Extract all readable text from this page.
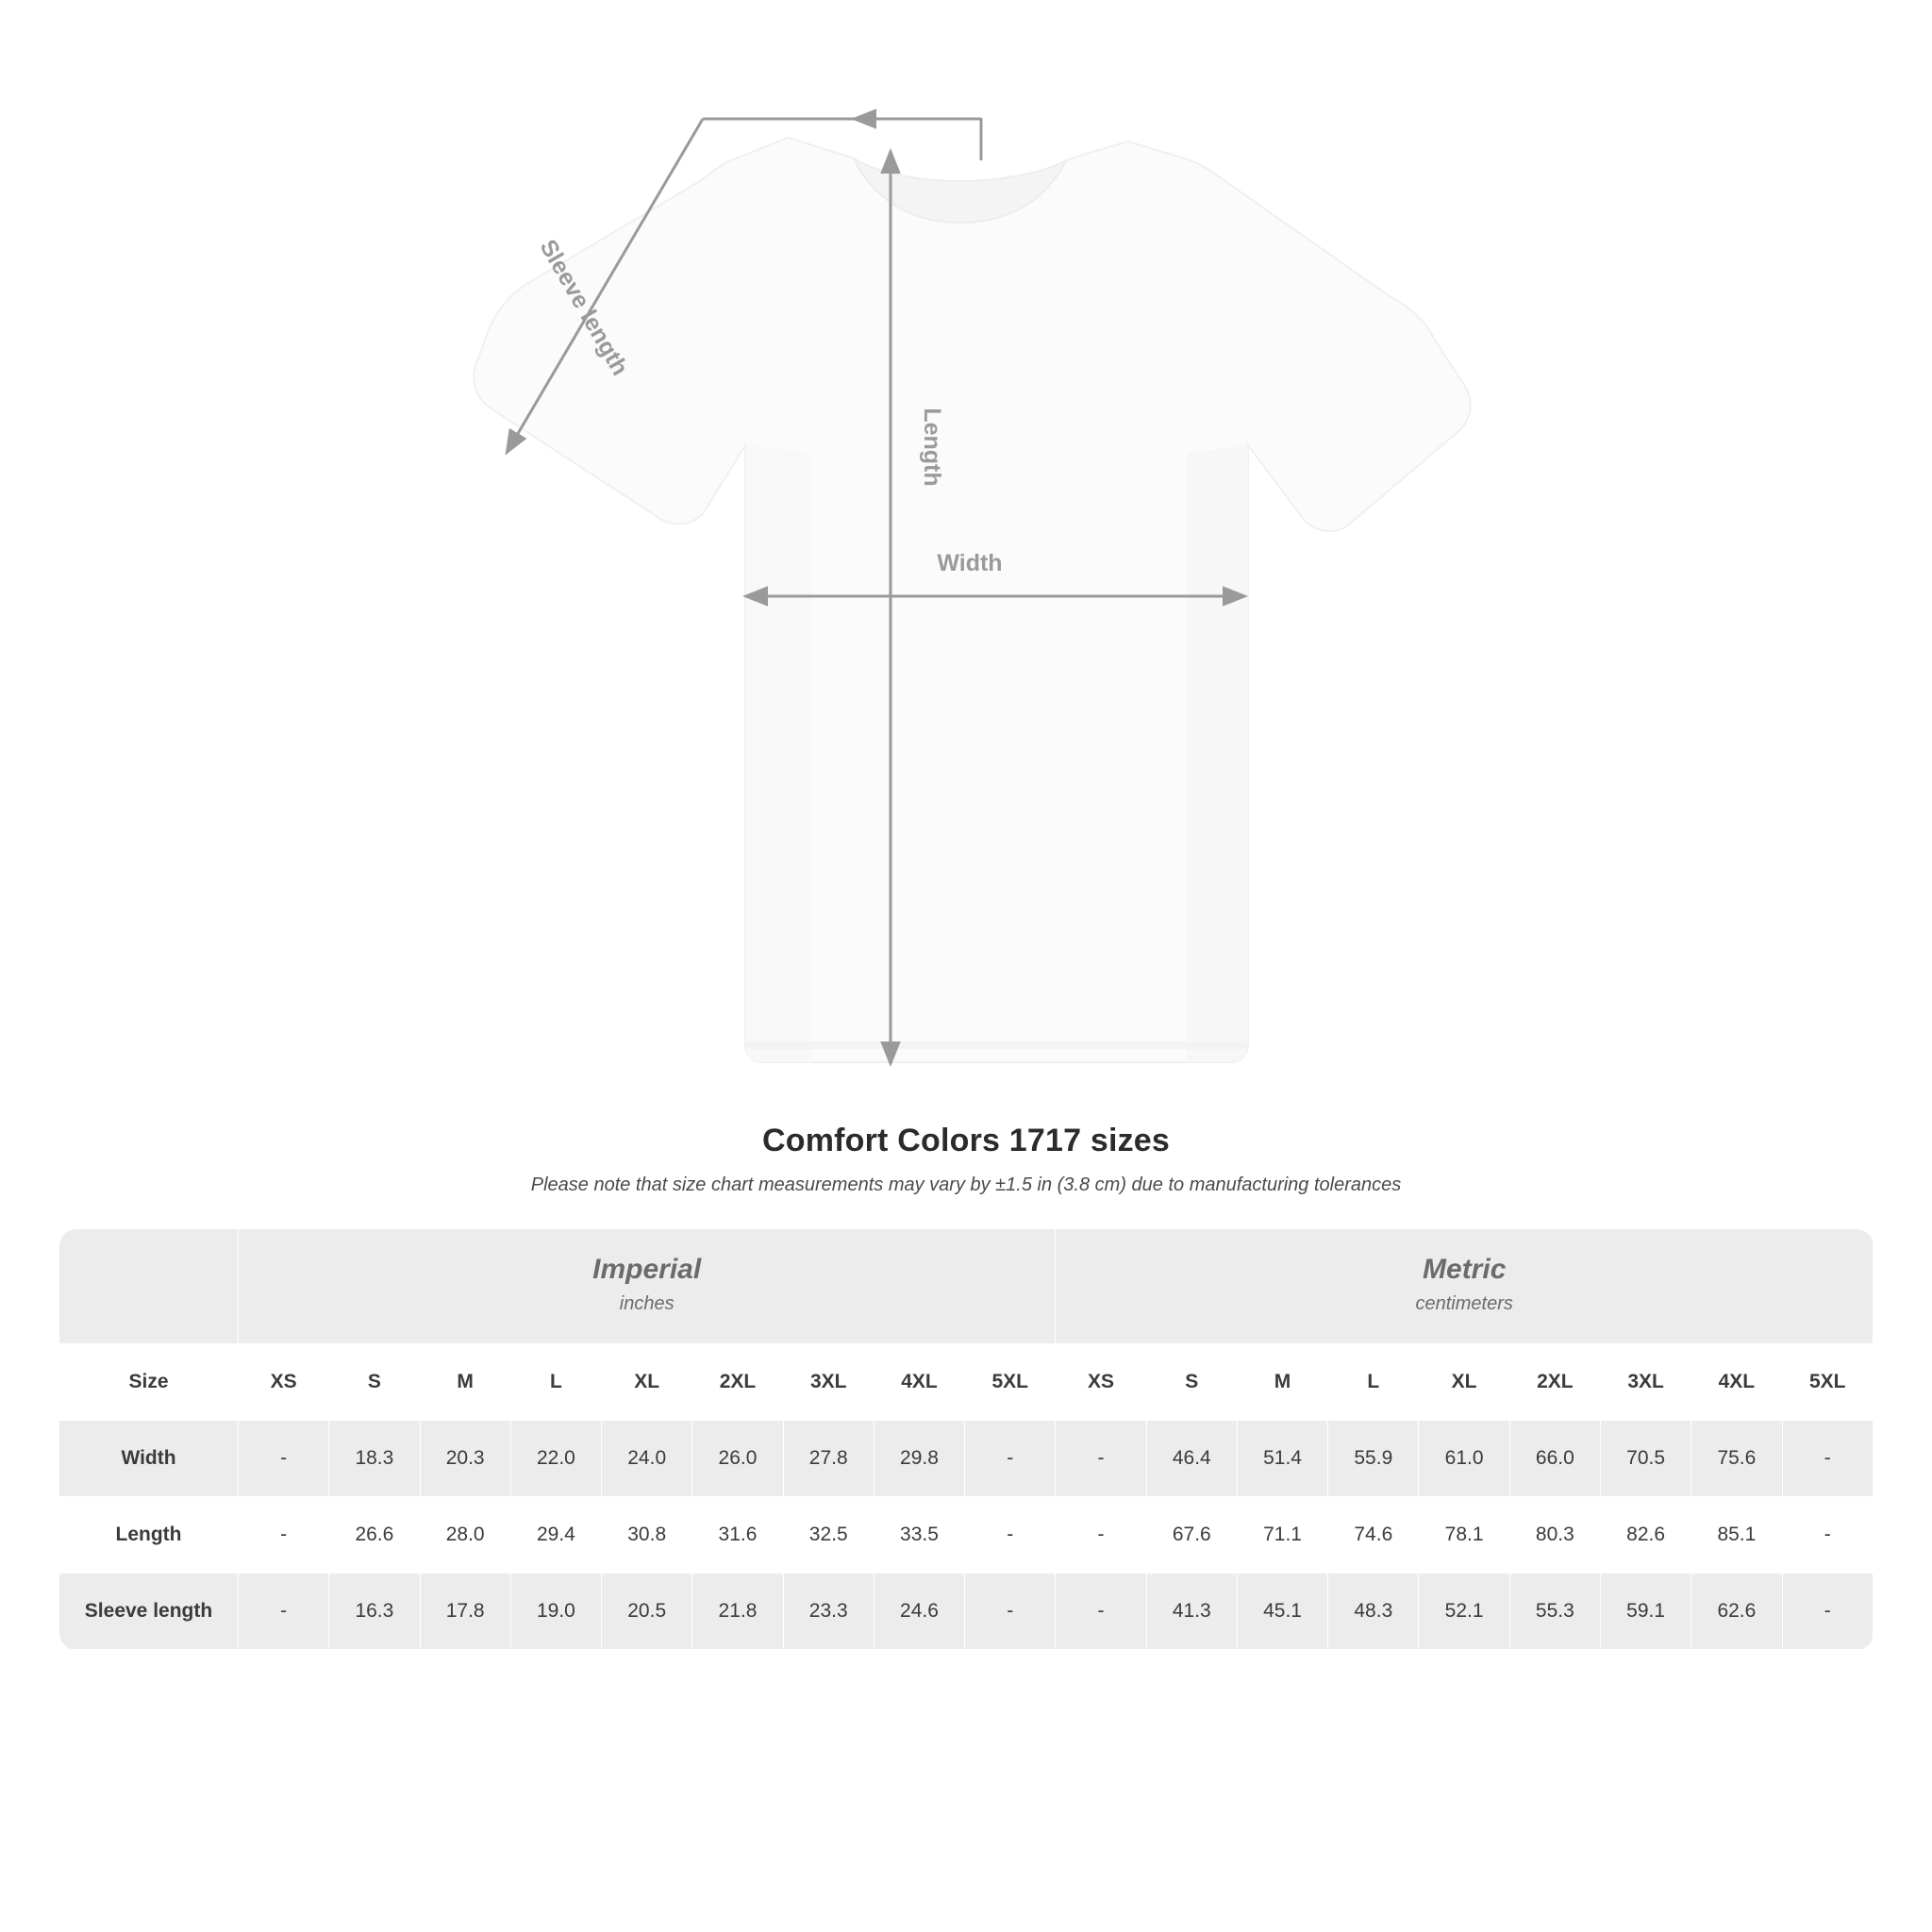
Length
Width
Sleeve length
Comfort Colors 1717 sizes
Please note that size chart measurements may vary by ±1.5 in (3.8 cm) due to manufacturing tolerances

Imperial
inches

Metric
centimeters

Size	XS	S	M	L	XL	2XL	3XL	4XL	5XL	XS	S	M	L	XL	2XL	3XL	4XL	5XL
Width	-	18.3	20.3	22.0	24.0	26.0	27.8	29.8	-	-	46.4	51.4	55.9	61.0	66.0	70.5	75.6	-
Length	-	26.6	28.0	29.4	30.8	31.6	32.5	33.5	-	-	67.6	71.1	74.6	78.1	80.3	82.6	85.1	-
Sleeve length	-	16.3	17.8	19.0	20.5	21.8	23.3	24.6	-	-	41.3	45.1	48.3	52.1	55.3	59.1	62.6	-
